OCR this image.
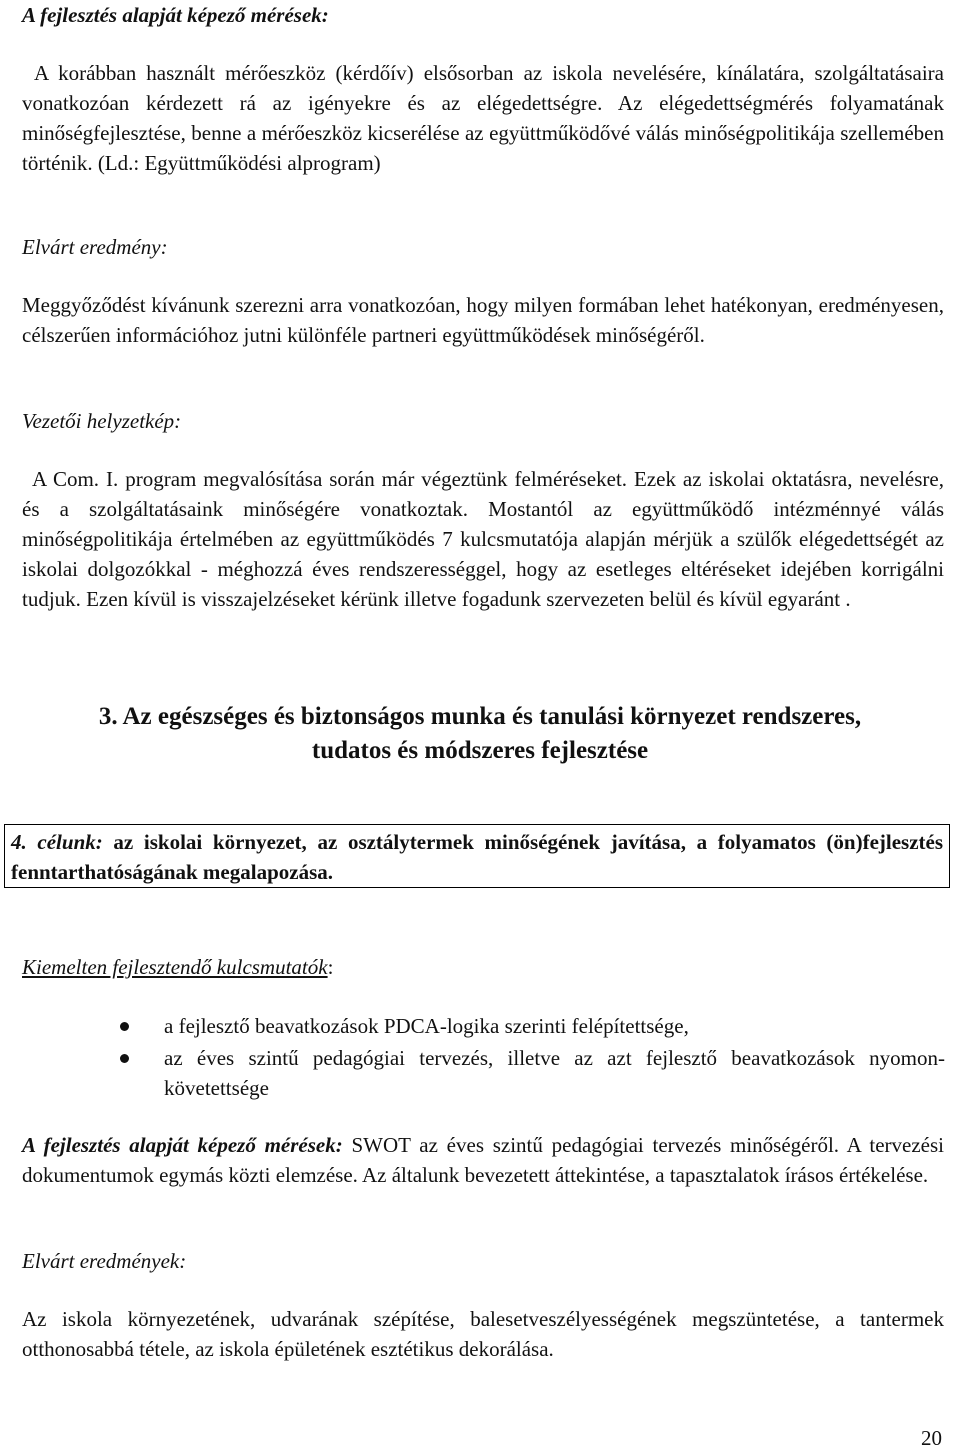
A fejlesztés alapját képező mérések:
A korábban használt mérőeszköz (kérdőív) elsősorban az iskola nevelésére, kínálatára, szolgáltatásaira vonatkozóan kérdezett rá az igényekre és az elégedettségre. Az elégedettségmérés folyamatának minőségfejlesztése, benne a mérőeszköz kicserélése az együttműködővé válás minőségpolitikája szellemében történik. (Ld.: Együttműködési alprogram)
Elvárt eredmény:
Meggyőződést kívánunk szerezni arra vonatkozóan, hogy milyen formában lehet hatékonyan, eredményesen, célszerűen információhoz jutni különféle partneri együttműködések minőségéről.
Vezetői helyzetkép:
A Com. I. program megvalósítása során már végeztünk felméréseket. Ezek az iskolai oktatásra, nevelésre, és a szolgáltatásaink minőségére vonatkoztak. Mostantól az együttműködő intézménnyé válás minőségpolitikája értelmében az együttműködés 7 kulcsmutatója alapján mérjük a szülők elégedettségét az iskolai dolgozókkal - méghozzá éves rendszerességgel, hogy az esetleges eltéréseket idejében korrigálni tudjuk. Ezen kívül is visszajelzéseket kérünk illetve fogadunk szervezeten belül és kívül egyaránt .
3. Az egészséges és biztonságos munka és tanulási környezet rendszeres,
tudatos és módszeres fejlesztése
4. célunk: az iskolai környezet, az osztálytermek minőségének javítása, a folyamatos (ön)fejlesztés fenntarthatóságának megalapozása.
Kiemelten fejlesztendő kulcsmutatók:
a fejlesztő beavatkozások PDCA-logika szerinti felépítettsége,
az éves szintű pedagógiai tervezés, illetve az azt fejlesztő beavatkozások nyomon-követettsége
A fejlesztés alapját képező mérések: SWOT az éves szintű pedagógiai tervezés minőségéről. A tervezési dokumentumok egymás közti elemzése. Az általunk bevezetett áttekintése, a tapasztalatok írásos értékelése.
Elvárt eredmények:
Az iskola környezetének, udvarának szépítése, balesetveszélyességének megszüntetése, a tantermek otthonosabbá tétele, az iskola épületének esztétikus dekorálása.
20
